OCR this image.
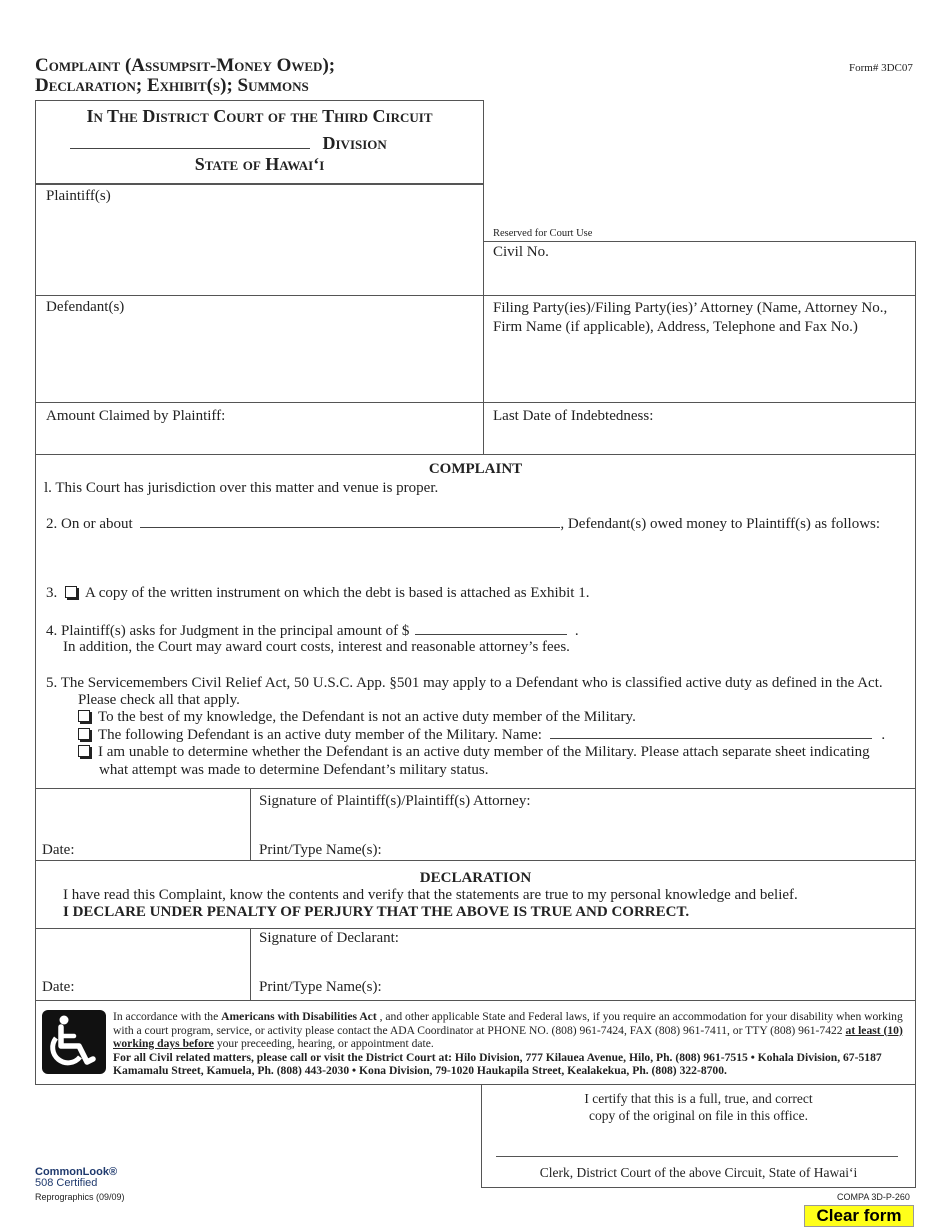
Complaint (Assumpsit-Money Owed);
Declaration; Exhibit(s); Summons
Form# 3DC07
In The District Court of the Third Circuit
Division
State of Hawai‘i
Plaintiff(s)
Reserved for Court Use
Civil No.
Defendant(s)	Filing Party(ies)/Filing Party(ies)’ Attorney (Name, Attorney No., Firm Name (if applicable), Address, Telephone and Fax No.)
Amount Claimed by Plaintiff:	Last Date of Indebtedness:
COMPLAINT
l. This Court has jurisdiction over this matter and venue is proper.
2. On or about	, Defendant(s) owed money to Plaintiff(s) as follows:
3. A copy of the written instrument on which the debt is based is attached as Exhibit 1.
4. Plaintiff(s) asks for Judgment in the principal amount of $	.
In addition, the Court may award court costs, interest and reasonable attorney’s fees.
5. The Servicemembers Civil Relief Act, 50 U.S.C. App. §501 may apply to a Defendant who is classified active duty as defined in the Act.
Please check all that apply.
To the best of my knowledge, the Defendant is not an active duty member of the Military.
The following Defendant is an active duty member of the Military. Name:	.
I am unable to determine whether the Defendant is an active duty member of the Military. Please attach separate sheet indicating
what attempt was made to determine Defendant’s military status.
Signature of Plaintiff(s)/Plaintiff(s) Attorney:
Date:	Print/Type Name(s):
DECLARATION
I have read this Complaint, know the contents and verify that the statements are true to my personal knowledge and belief.
I DECLARE UNDER PENALTY OF PERJURY THAT THE ABOVE IS TRUE AND CORRECT.
Signature of Declarant:
Date:	Print/Type Name(s):
In accordance with the Americans with Disabilities Act , and other applicable State and Federal laws, if you require an accommodation for your disability when working with a court program, service, or activity please contact the ADA Coordinator at PHONE NO. (808) 961-7424, FAX (808) 961-7411, or TTY (808) 961-7422 at least (10) working days before your preceeding, hearing, or appointment date.
For all Civil related matters, please call or visit the District Court at: Hilo Division, 777 Kilauea Avenue, Hilo, Ph. (808) 961-7515 • Kohala Division, 67-5187 Kamamalu Street, Kamuela, Ph. (808) 443-2030 • Kona Division, 79-1020 Haukapila Street, Kealakekua, Ph. (808) 322-8700.
I certify that this is a full, true, and correct
copy of the original on file in this office.
Clerk, District Court of the above Circuit, State of Hawai‘i
CommonLook®
508 Certified
Reprographics (09/09)	COMPA 3D-P-260
Clear form
